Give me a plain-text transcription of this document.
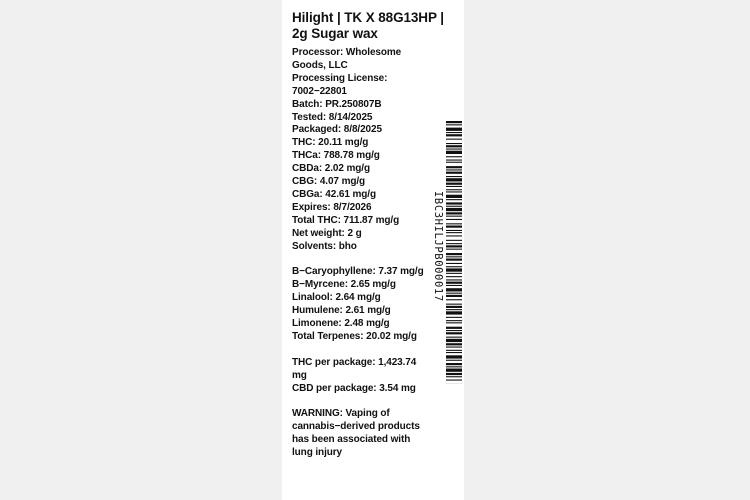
Hilight | TK X 88G13HP | 2g Sugar wax
Processor: Wholesome Goods, LLC
Processing License: 7002−22801
Batch: PR.250807B
Tested: 8/14/2025
Packaged: 8/8/2025
THC: 20.11 mg/g
THCa: 788.78 mg/g
CBDa: 2.02 mg/g
CBG: 4.07 mg/g
CBGa: 42.61 mg/g
Expires: 8/7/2026
Total THC: 711.87 mg/g
Net weight: 2 g
Solvents: bho
B−Caryophyllene: 7.37 mg/g
B−Myrcene: 2.65 mg/g
Linalool: 2.64 mg/g
Humulene: 2.61 mg/g
Limonene: 2.48 mg/g
Total Terpenes: 20.02 mg/g
THC per package: 1,423.74 mg
CBD per package: 3.54 mg
WARNING: Vaping of cannabis−derived products has been associated with lung injury
IBC3HILJPB000017
